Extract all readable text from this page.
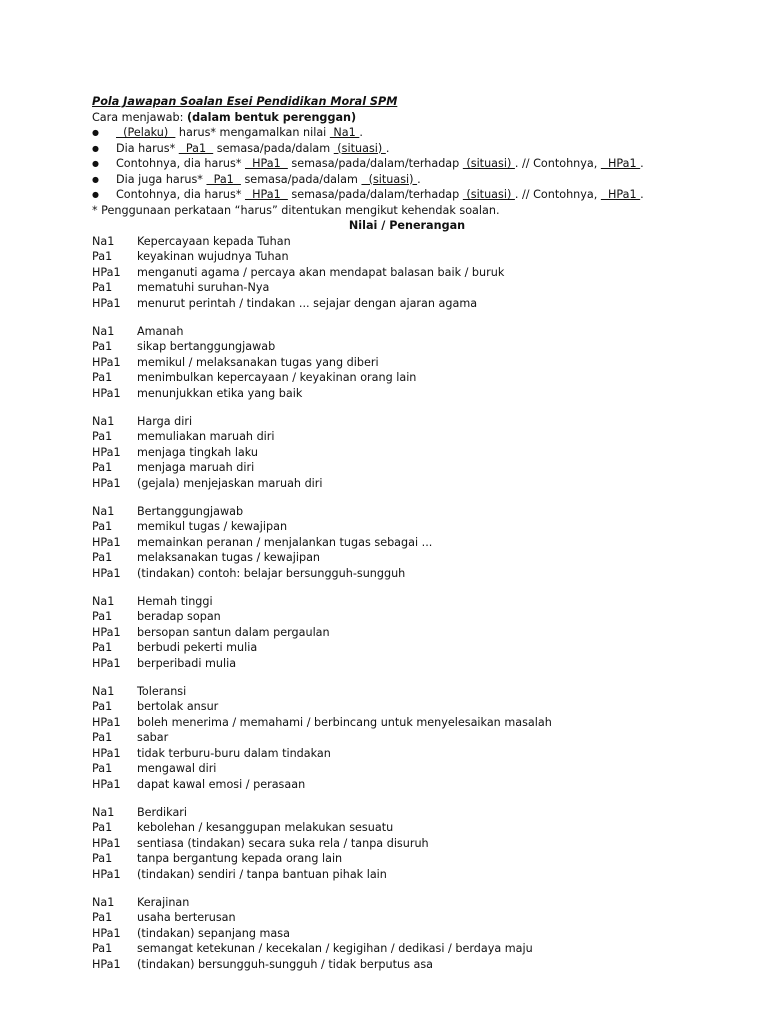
Pola Jawapan Soalan Esei Pendidikan Moral SPM
Cara menjawab: (dalam bentuk perenggan)
●   (Pelaku)   harus* mengamalkan nilai  Na1 .
● Dia harus*   Pa1   semasa/pada/dalam  (situasi) .
● Contohnya, dia harus*   HPa1   semasa/pada/dalam/terhadap  (situasi) . // Contohnya,   HPa1 .
● Dia juga harus*   Pa1   semasa/pada/dalam   (situasi) .
● Contohnya, dia harus*   HPa1   semasa/pada/dalam/terhadap  (situasi) . // Contohnya,   HPa1 .
* Penggunaan perkataan “harus” ditentukan mengikut kehendak soalan.
Nilai / Penerangan
Na1	Kepercayaan kepada Tuhan
Pa1	keyakinan wujudnya Tuhan
HPa1	menganuti agama / percaya akan mendapat balasan baik / buruk
Pa1	mematuhi suruhan-Nya
HPa1	menurut perintah / tindakan ... sejajar dengan ajaran agama
Na1	Amanah
Pa1	sikap bertanggungjawab
HPa1	memikul / melaksanakan tugas yang diberi
Pa1	menimbulkan kepercayaan / keyakinan orang lain
HPa1	menunjukkan etika yang baik
Na1	Harga diri
Pa1	memuliakan maruah diri
HPa1	menjaga tingkah laku
Pa1	menjaga maruah diri
HPa1	(gejala) menjejaskan maruah diri
Na1	Bertanggungjawab
Pa1	memikul tugas / kewajipan
HPa1	memainkan peranan / menjalankan tugas sebagai ...
Pa1	melaksanakan tugas / kewajipan
HPa1	(tindakan) contoh: belajar bersungguh-sungguh
Na1	Hemah tinggi
Pa1	beradap sopan
HPa1	bersopan santun dalam pergaulan
Pa1	berbudi pekerti mulia
HPa1	berperibadi mulia
Na1	Toleransi
Pa1	bertolak ansur
HPa1	boleh menerima / memahami / berbincang untuk menyelesaikan masalah
Pa1	sabar
HPa1	tidak terburu-buru dalam tindakan
Pa1	mengawal diri
HPa1	dapat kawal emosi / perasaan
Na1	Berdikari
Pa1	kebolehan / kesanggupan melakukan sesuatu
HPa1	sentiasa (tindakan) secara suka rela / tanpa disuruh
Pa1	tanpa bergantung kepada orang lain
HPa1	(tindakan) sendiri / tanpa bantuan pihak lain
Na1	Kerajinan
Pa1	usaha berterusan
HPa1	(tindakan) sepanjang masa
Pa1	semangat ketekunan / kecekalan / kegigihan / dedikasi / berdaya maju
HPa1	(tindakan) bersungguh-sungguh / tidak berputus asa
